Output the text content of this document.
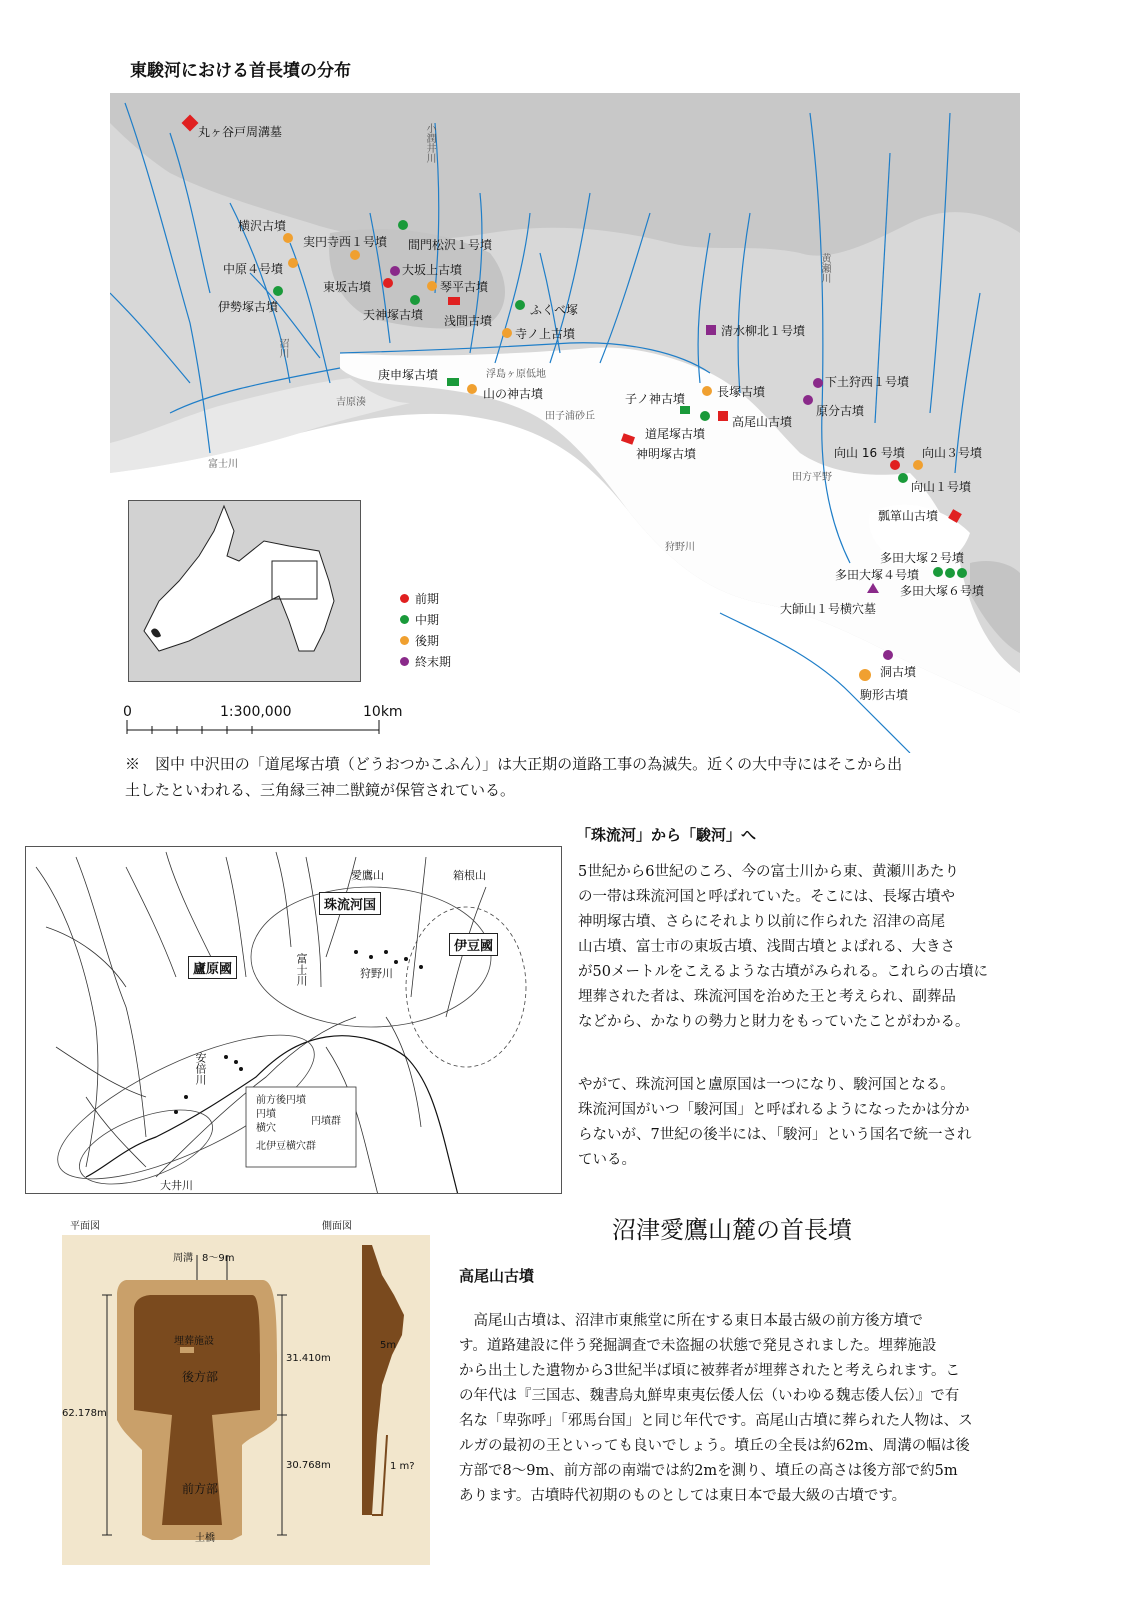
東駿河における首長墳の分布
丸ヶ谷戸周溝墓
横沢古墳
実円寺西１号墳 間門松沢１号墳
中原４号墳	大坂上古墳
東坂古墳	琴平古墳
伊勢塚古墳	ふくべ塚
天神塚古墳 浅間古墳
寺ノ上古墳	清水柳北１号墳
庚申塚古墳
山の神古墳	子ノ神古墳	長塚古墳
下土狩西１号墳
原分古墳
高尾山古墳
道尾塚古墳
神明塚古墳	向山 16 号墳 向山３号墳
向山１号墳
瓢箪山古墳
多田大塚２号墳
多田大塚４号墳
多田大塚６号墳
大師山１号横穴墓
洞古墳
駒形古墳
小潤井川
黄瀬川
沼川
浮島ヶ原低地
田子浦砂丘
吉原湊
富士川
田方平野
狩野川
前期
中期
後期
終末期
0	1:300,000	10km
※　図中 中沢田の「道尾塚古墳（どうおつかこふん）」は大正期の道路工事の為滅失。近くの大中寺にはそこから出
土したといわれる、三角縁三神二獣鏡が保管されている。
「珠流河」から「駿河」へ
愛鷹山	箱根山
珠流河国
伊豆國
廬原國	富士川	狩野川
安倍川
大井川
前方後円墳
円墳
横穴
円墳群
北伊豆横穴群
5世紀から6世紀のころ、今の富士川から東、黄瀬川あたり
の一帯は珠流河国と呼ばれていた。そこには、長塚古墳や
神明塚古墳、さらにそれより以前に作られた 沼津の高尾
山古墳、富士市の東坂古墳、浅間古墳とよばれる、大きさ
が50メートルをこえるような古墳がみられる。これらの古墳に
埋葬された者は、珠流河国を治めた王と考えられ、副葬品
などから、かなりの勢力と財力をもっていたことがわかる。
やがて、珠流河国と盧原国は一つになり、駿河国となる。
珠流河国がいつ「駿河国」と呼ばれるようになったかは分か
らないが、7世紀の後半には、「駿河」という国名で統一され
ている。
沼津愛鷹山麓の首長墳
高尾山古墳
　高尾山古墳は、沼津市東熊堂に所在する東日本最古級の前方後方墳で
す。道路建設に伴う発掘調査で未盗掘の状態で発見されました。埋葬施設
から出土した遺物から3世紀半ば頃に被葬者が埋葬されたと考えられます。こ
の年代は『三国志、魏書烏丸鮮卑東夷伝倭人伝（いわゆる魏志倭人伝）』で有
名な「卑弥呼」「邪馬台国」と同じ年代です。高尾山古墳に葬られた人物は、ス
ルガの最初の王といっても良いでしょう。墳丘の全長は約62m、周溝の幅は後
方部で8～9m、前方部の南端では約2mを測り、墳丘の高さは後方部で約5m
あります。古墳時代初期のものとしては東日本で最大級の古墳です。
平面図	側面図
周溝 8～9m
埋葬施設
後方部
前方部
土橋
62.178m
31.410m
30.768m
5m
1 m?
